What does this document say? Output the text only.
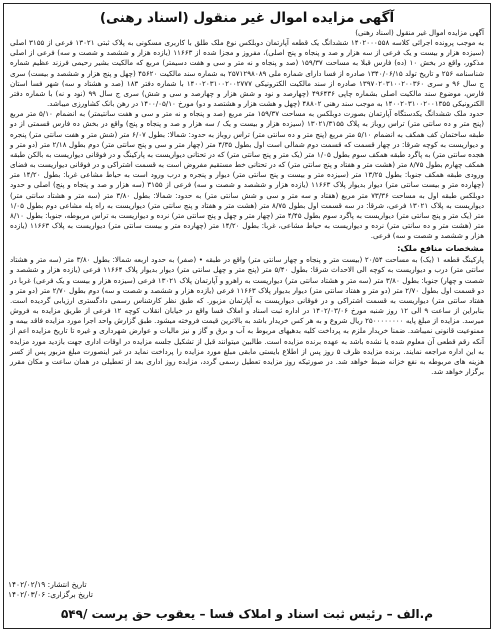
آگهی مزایده اموال غیر منقول (اسناد رهنی)

آگهی مزایده اموال غیر منقول (اسناد رهنی)

به موجب پرونده اجرائی کلاسه ۱۴۰۲۰۰۰۵۵۸ ششدانگ یک قطعه آپارتمان دوبلکس نوع ملک طلق با کاربری مسکونی به پلاک ثبتی ۱۳۰۲۱ فرعی از ۳۱۵۵ اصلی (سیزده هزار و بیست و یک فرعی از سه هزار و صد و پنجاه و پنج اصلی)، مفروز و مجزا شده از ۱۱۶۶۳ (یازده هزار و ششصد و شصت و سه) فرعی از اصلی مذکور، واقع در بخش ۱۰ (ده) فارس قبلا به مساحت ۱۵۹/۳۷ (صد و پنجاه و نه متر و سی و هفت دسیمتر) مربع که مالکیت بشیر رحیمی فرزند عظیم شماره شناسنامه ۲۵۶ و تاریخ تولد ۱۳۴۰/۰۶/۱۵ صادره از فسا دارای شماره ملی ۲۵۷۱۲۹۸۰۸۹ به شماره سند مالکیت ۴۵۶۲۰ (چهل و پنج هزار و ششصد و بیست) سری ج سال ۹۶ و سری ۱۳۹۷۰۲۰۳۱۰۰۲۰۰۳۶۰ صادره از سند مالکیت الکترونیکی ۱۴۰۰۲۰۳۱۰۰۲۰۰۲۷۷۷ با شماره دفتر ۱۸۳ (صد و هشتاد و سه) شهر فسا استان فارس، موضوع سند مالکیت اصلی بشماره چاپی ۴۹۶۴۳۶ (چهارصد و نود و شش هزار و چهارصد و سی و شش) سری ج سال ۹۹ (نود و نه) با شماره دفتر الکترونیکی ۱۴۰۰۲۰۳۱۰۰۲۰۰۱۳۵۵ به موجب سند رهنی ۴۸۸۰۲ (چهل و هشت هزار و هشتصد و دو) مورخ ۱۴۰۰/۰۵/۱۰ در رهن بانک کشاورزی میباشد.

حدود ملک ششدانگ یکدستگاه آپارتمان بصورت دوبلکس به مساحت ۱۵۹/۳۷ متر مربع (صد و پنجاه و نه متر و سی و هفت سانتیمتر) به انضمام ۵/۱۰ متر مربع (پنج متر و ده سانتی متر) تراس روباز به پلاک ۱۳۰۲۱/۳۱۵۵ (سیزده هزار و بیست و یک / سه هزار و صد و پنجاه و پنج) واقع در بخش ده فارس قسمتی از دو طبقه ساختمان کف همکف به انضمام ۵/۱۰ متر مربع (پنج متر و ده سانتی متر) تراس روباز به حدود: شمالا: بطول ۶/۰۷ متر (شش متر و هفت سانتی متر) پنجره و دیواریست به کوچه شرقا: در چهار قسمت که قسمت دوم شمالی است اول بطول ۴/۳۵ متر (چهار متر و سی و پنج سانتی متر) دوم بطول ۲/۱۸ متر (دو متر و هجده سانتی متر) به پاگرد طبقه همکف سوم بطول ۱/۰۵ متر (یک متر و پنج سانتی متر) که در تحتانی دیواریست به پارکینگ و در فوقانی دیواریست به بالکن طبقه همکف چهارم بطول ۸/۷۵ متر (هشت متر و هفتاد و پنج سانتی متر) که در تحتانی خط مستقیم مفروض است به قسمت اشتراکی و در فوقانی دیواریست به فضای ورودی طبقه همکف جنوبا: بطول ۱۳/۲۵ متر (سیزده متر و بیست و پنج سانتی متر) دیوار و پنجره و درب ورود است به حیاط مشاعی غربا: بطول ۱۴/۲۰ متر (چهارده متر و بیست سانتی متر) دیوار بدیوار پلاک ۱۱۶۶۳ (یازده هزار و ششصد و شصت و سه) فرعی از ۳۱۵۵ (سه هزار و صد و پنجاه و پنج) اصلی و حدود دوبلکس طبقه اول به مساحت ۷۳/۳۶ متر مربع (هفتاد و سه متر و سی و شش سانتی متر) به حدود: شمالا: بطول ۳/۸۰ متر (سه متر و هشتاد سانتی متر) دیواریست به پلاک ۱۳۰۲۱ فرعی، شرقا: در سه قسمت اول بطول ۸/۷۵ متر (هشت متر و هفتاد و پنج سانتی متر) دیواریست به راه پله مشاعی دوم بطول ۱/۰۵ متر (یک متر و پنج سانتی متر) دیواریست به پاگرد سوم بطول ۴/۴۵ متر (چهار متر و چهل و پنج سانتی متر) نرده و دیواریست به تراس مربوطه، جنوبا: بطول ۸/۱۰ متر (هشت متر و ده سانتی متر) نرده و دیواریست به حیاط مشاعی، غربا: بطول ۱۴/۲۰ متر (چهارده متر و بیست سانتی متر) دیواریست به پلاک ۱۱۶۶۳ (یازده هزار و ششصد و شصت و سه) فرعی.

مشخصات منافع ملک:

پارکینگ قطعه ۱ (یک) به مساحت ۲۰/۵۴ (بیست متر و پنجاه و چهار سانتی متر) واقع در طبقه • (صفر) به حدود اربعه شمالا: بطول ۳/۸۰ متر (سه متر و هشتاد سانتی متر) درب و دیواریست به کوچه الی الاحداث شرقا: بطول ۵/۴۰ متر (پنج متر و چهل سانتی متر) دیوار بدیوار پلاک ۱۱۶۶۴ فرعی (یازده هزار و ششصد و شصت و چهار) جنوبا: بطول ۳/۸۰ متر (سه متر و هشتاد سانتی متر) دیواریست به راهرو و آپارتمان پلاک ۱۳۰۲۱ فرعی (سیزده هزار و بیست و یک فرعی) غربا در دو قسمت اول بطول ۲/۷۰ متر (دو متر و هفتاد سانتی متر) دیوار بدیوار پلاک ۱۱۶۶۳ فرعی (یازده هزار و ششصد و شصت و سه) دوم بطول ۲/۷۰ متر (دو متر و هفتاد سانتی متر) دیواریست به قسمت اشتراکی و در فوقانی دیواریست به آپارتمان مزبور. که طبق نظر کارشناس رسمی دادگستری ارزیابی گردیده است. بنابراین از ساعت ۹ الی ۱۲ روز شنبه مورخ ۱۴۰۲/۰۳/۰۶ در اداره ثبت اسناد و املاک فسا واقع در خیابان انقلاب کوچه ۱۲ فرعی از طریق مزایده به فروش میرسد. مزایده از مبلغ پایه ۲۵۰۰۰۰۰۰۰۰ ریال شروع و به هر کس خریدار باشد به بالاترین قیمت فروخته میشود. طبق گزارش واحد اجرا مورد مزایده فاقد بیمه و ممنوعیت قانونی نمیباشد. ضمنا خریدار ملزم به پرداخت کلیه بدهیهای مربوط به آب و برق و گاز و نیز مالیات و عوارض شهرداری و غیره تا تاریخ مزایده اعم از آنکه رقم قطعی آن معلوم شده یا نشده باشد به عهده برنده مزایده است. طالبین میتوانند قبل از تشکیل جلسه مزایده در اوقات اداری جهت بازدید مورد مزایده به این اداره مراجعه نمایند. برنده مزایده ظرف ۵ روز پس از اطلاع بایستی مابقی مبلغ مورد مزایده را پرداخت نماید در غیر اینصورت مبلغ مزبور پس از کسر هزینه های مربوطه به نفع خزانه ضبط خواهد شد. در صورتیکه روز مزایده تعطیل رسمی گردد، مزایده روز اداری بعد از تعطیلی در همان ساعت و مکان مقرر برگزار خواهد شد.

تاریخ انتشار: ۱۴۰۲/۰۲/۱۹
تاریخ برگزاری: ۱۴۰۲/۰۳/۰۶
۵۴۹/ م.الف – رئیس ثبت اسناد و املاک فسا – یعقوب حق پرست
